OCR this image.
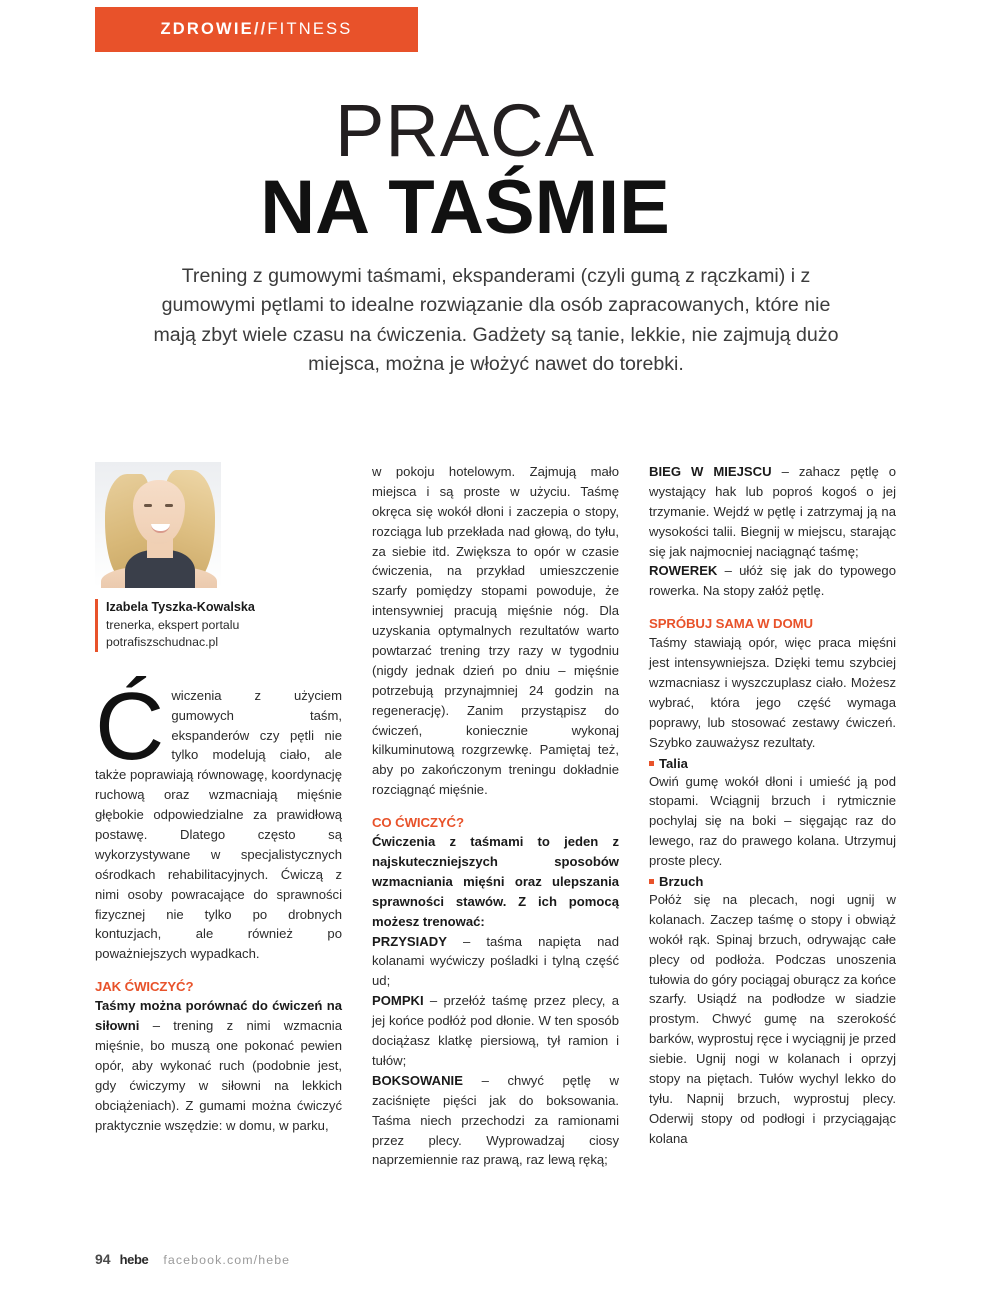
ZDROWIE//FITNESS
PRACA
NA TAŚMIE

Trening z gumowymi taśmami, ekspanderami (czyli gumą z rączkami) i z gumowymi pętlami to idealne rozwiązanie dla osób zapracowanych, które nie mają zbyt wiele czasu na ćwiczenia. Gadżety są tanie, lekkie, nie zajmują dużo miejsca, można je włożyć nawet do torebki.

Izabela Tyszka-Kowalska
trenerka, ekspert portalu
potrafiszschudnac.pl
Ćwiczenia z użyciem gumowych taśm, ekspanderów czy pętli nie tylko modelują ciało, ale także poprawiają równowagę, koordynację ruchową oraz wzmacniają mięśnie głębokie odpowiedzialne za prawidłową postawę. Dlatego często są wykorzystywane w specjalistycznych ośrodkach rehabilitacyjnych. Ćwiczą z nimi osoby powracające do sprawności fizycznej nie tylko po drobnych kontuzjach, ale również po poważniejszych wypadkach.
JAK ĆWICZYĆ?
Taśmy można porównać do ćwiczeń na siłowni – trening z nimi wzmacnia mięśnie, bo muszą one pokonać pewien opór, aby wykonać ruch (podobnie jest, gdy ćwiczymy w siłowni na lekkich obciążeniach). Z gumami można ćwiczyć praktycznie wszędzie: w domu, w parku,
w pokoju hotelowym. Zajmują mało miejsca i są proste w użyciu. Taśmę okręca się wokół dłoni i zaczepia o stopy, rozciąga lub przekłada nad głową, do tyłu, za siebie itd. Zwiększa to opór w czasie ćwiczenia, na przykład umieszczenie szarfy pomiędzy stopami powoduje, że intensywniej pracują mięśnie nóg. Dla uzyskania optymalnych rezultatów warto powtarzać trening trzy razy w tygodniu (nigdy jednak dzień po dniu – mięśnie potrzebują przynajmniej 24 godzin na regenerację). Zanim przystąpisz do ćwiczeń, koniecznie wykonaj kilkuminutową rozgrzewkę. Pamiętaj też, aby po zakończonym treningu dokładnie rozciągnąć mięśnie.
CO ĆWICZYĆ?
Ćwiczenia z taśmami to jeden z najskuteczniejszych sposobów wzmacniania mięśni oraz ulepszania sprawności stawów. Z ich pomocą możesz trenować:
PRZYSIADY – taśma napięta nad kolanami wyćwiczy pośladki i tylną część ud;
POMPKI – przełóż taśmę przez plecy, a jej końce podłóż pod dłonie. W ten sposób dociążasz klatkę piersiową, tył ramion i tułów;
BOKSOWANIE – chwyć pętlę w zaciśnięte pięści jak do boksowania. Taśma niech przechodzi za ramionami przez plecy. Wyprowadzaj ciosy naprzemiennie raz prawą, raz lewą ręką;
BIEG W MIEJSCU – zahacz pętlę o wystający hak lub poproś kogoś o jej trzymanie. Wejdź w pętlę i zatrzymaj ją na wysokości talii. Biegnij w miejscu, starając się jak najmocniej naciągnąć taśmę;
ROWEREK – ułóż się jak do typowego rowerka. Na stopy załóż pętlę.
SPRÓBUJ SAMA W DOMU
Taśmy stawiają opór, więc praca mięśni jest intensywniejsza. Dzięki temu szybciej wzmacniasz i wyszczuplasz ciało. Możesz wybrać, która jego część wymaga poprawy, lub stosować zestawy ćwiczeń. Szybko zauważysz rezultaty.
Talia
Owiń gumę wokół dłoni i umieść ją pod stopami. Wciągnij brzuch i rytmicznie pochylaj się na boki – sięgając raz do lewego, raz do prawego kolana. Utrzymuj proste plecy.
Brzuch
Połóż się na plecach, nogi ugnij w kolanach. Zaczep taśmę o stopy i obwiąż wokół rąk. Spinaj brzuch, odrywając całe plecy od podłoża. Podczas unoszenia tułowia do góry pociągaj oburącz za końce szarfy. Usiądź na podłodze w siadzie prostym. Chwyć gumę na szerokość barków, wyprostuj ręce i wyciągnij je przed siebie. Ugnij nogi w kolanach i oprzyj stopy na piętach. Tułów wychyl lekko do tyłu. Napnij brzuch, wyprostuj plecy. Oderwij stopy od podłogi i przyciągając kolana
94 hebe facebook.com/hebe
